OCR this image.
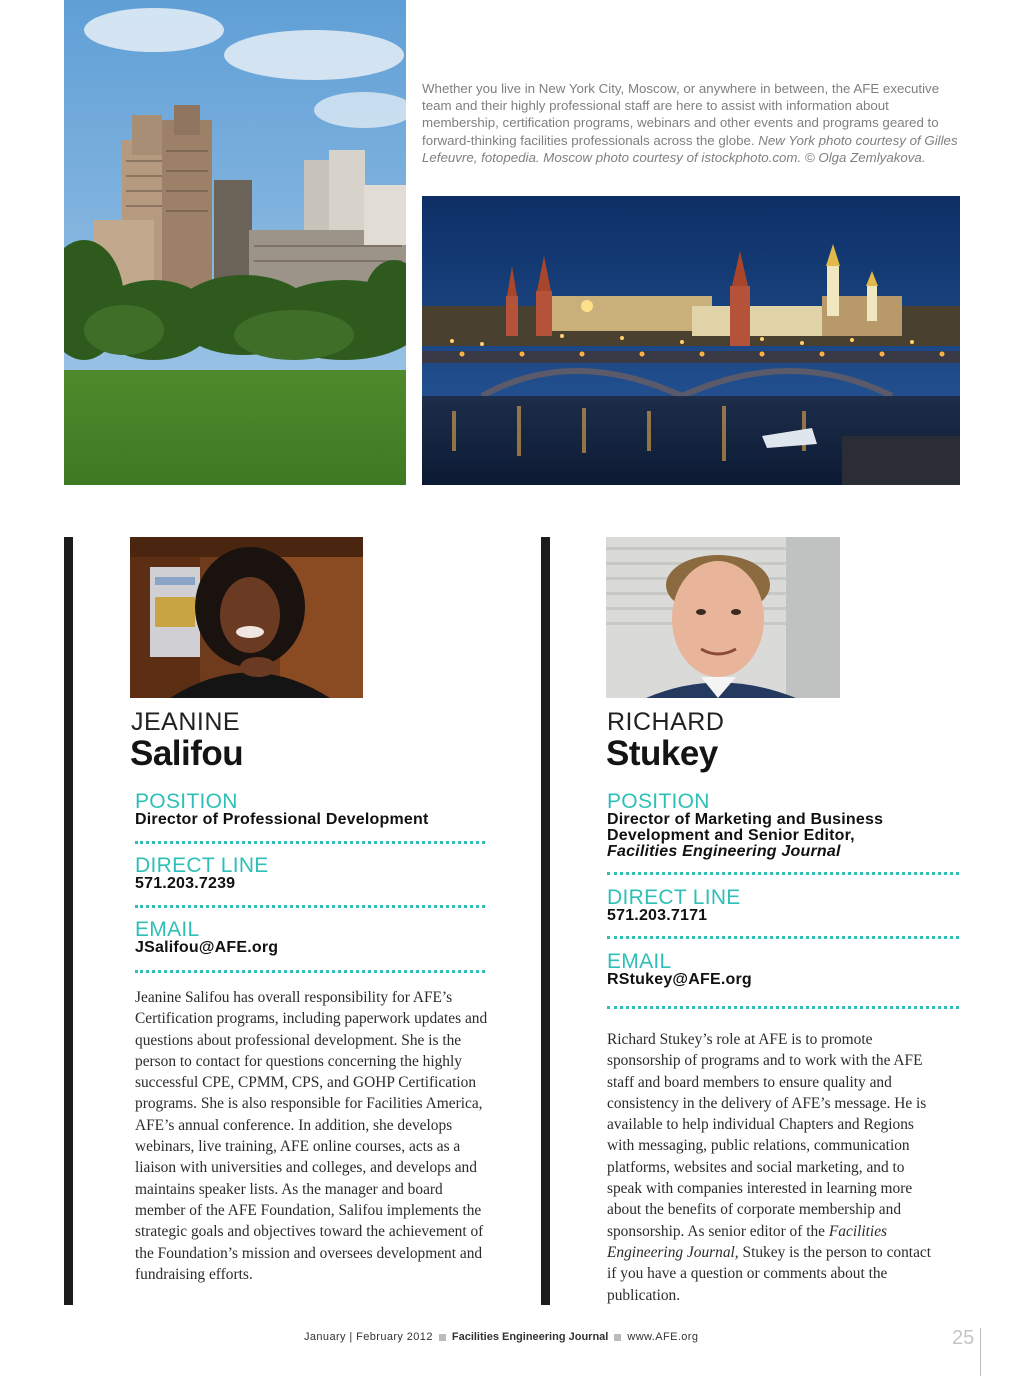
Whether you live in New York City, Moscow, or anywhere in between, the AFE executive team and their highly professional staff are here to assist with information about membership, certification programs, webinars and other events and programs geared to forward-thinking facilities professionals across the globe. New York photo courtesy of Gilles Lefeuvre, fotopedia. Moscow photo courtesy of istockphoto.com. © Olga Zemlyakova.

JEANINE
Salifou
POSITION
Director of Professional Development
DIRECT LINE
571.203.7239
EMAIL
JSalifou@AFE.org

Jeanine Salifou has overall responsibility for AFE’s Certification programs, including paperwork updates and questions about professional development. She is the person to contact for questions concerning the highly successful CPE, CPMM, CPS, and GOHP Certification programs. She is also responsible for Facilities America, AFE’s annual conference. In addition, she develops webinars, live training, AFE online courses, acts as a liaison with universities and colleges, and develops and maintains speaker lists. As the manager and board member of the AFE Foundation, Salifou implements the strategic goals and objectives toward the achievement of the Foundation’s mission and oversees development and fundraising efforts.

RICHARD
Stukey
POSITION
Director of Marketing and Business
Development and Senior Editor,
Facilities Engineering Journal
DIRECT LINE
571.203.7171
EMAIL
RStukey@AFE.org

Richard Stukey’s role at AFE is to promote sponsorship of programs and to work with the AFE staff and board members to ensure quality and consistency in the delivery of AFE’s message. He is available to help individual Chapters and Regions with messaging, public relations, communication platforms, websites and social marketing, and to speak with companies interested in learning more about the benefits of corporate membership and sponsorship. As senior editor of the Facilities Engineering Journal, Stukey is the person to contact if you have a question or comments about the publication.

January | February 2012 Facilities Engineering Journal www.AFE.org	25
